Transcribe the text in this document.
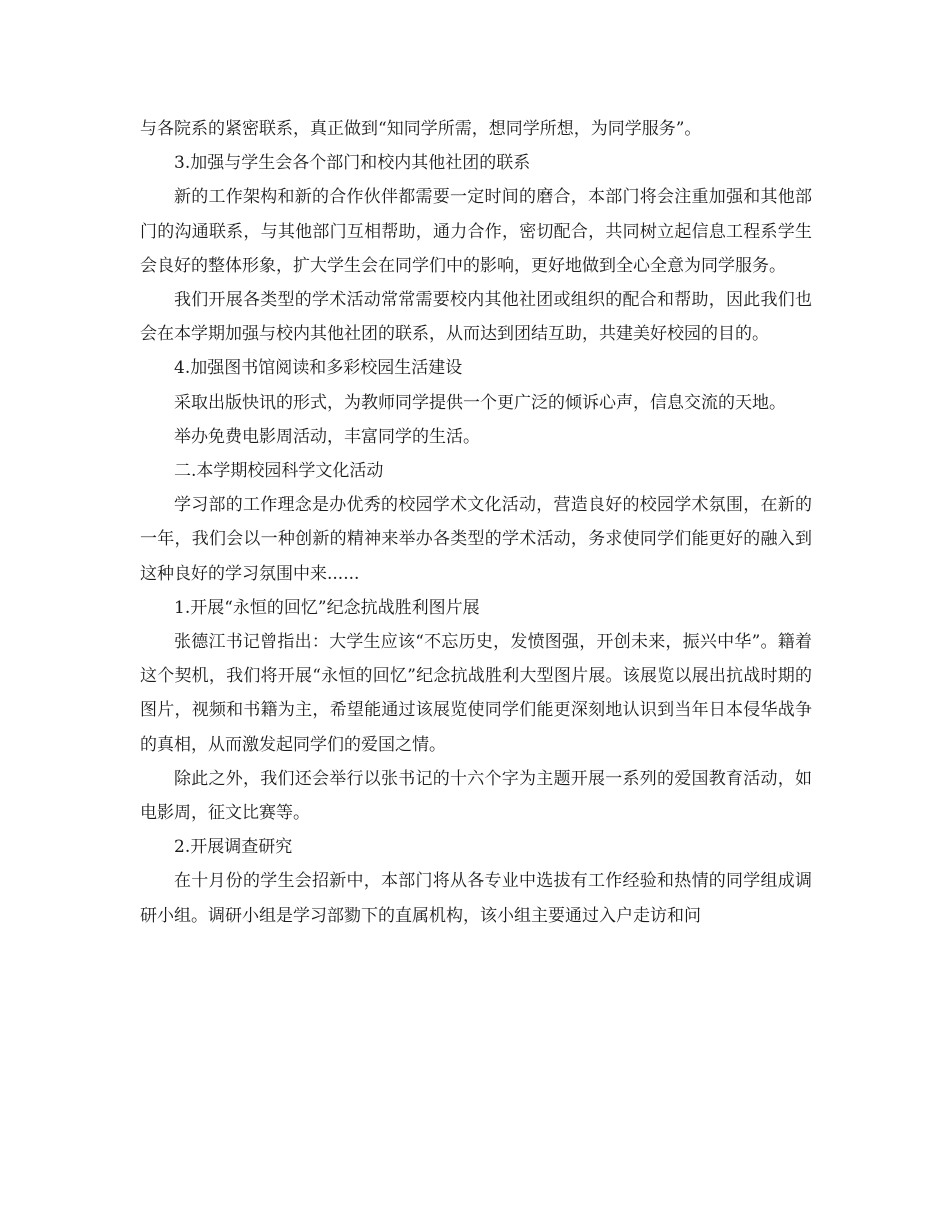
与各院系的紧密联系，真正做到“知同学所需，想同学所想，为同学服务”。

3.加强与学生会各个部门和校内其他社团的联系

新的工作架构和新的合作伙伴都需要一定时间的磨合，本部门将会注重加强和其他部门的沟通联系，与其他部门互相帮助，通力合作，密切配合，共同树立起信息工程系学生会良好的整体形象，扩大学生会在同学们中的影响，更好地做到全心全意为同学服务。

我们开展各类型的学术活动常常需要校内其他社团或组织的配合和帮助，因此我们也会在本学期加强与校内其他社团的联系，从而达到团结互助，共建美好校园的目的。

4.加强图书馆阅读和多彩校园生活建设

采取出版快讯的形式，为教师同学提供一个更广泛的倾诉心声，信息交流的天地。

举办免费电影周活动，丰富同学的生活。

二.本学期校园科学文化活动

学习部的工作理念是办优秀的校园学术文化活动，营造良好的校园学术氛围，在新的一年，我们会以一种创新的精神来举办各类型的学术活动，务求使同学们能更好的融入到这种良好的学习氛围中来......

1.开展“永恒的回忆”纪念抗战胜利图片展

张德江书记曾指出：大学生应该“不忘历史，发愤图强，开创未来，振兴中华”。籍着这个契机，我们将开展“永恒的回忆”纪念抗战胜利大型图片展。该展览以展出抗战时期的图片，视频和书籍为主，希望能通过该展览使同学们能更深刻地认识到当年日本侵华战争的真相，从而激发起同学们的爱国之情。

除此之外，我们还会举行以张书记的十六个字为主题开展一系列的爱国教育活动，如电影周，征文比赛等。

2.开展调查研究

在十月份的学生会招新中，本部门将从各专业中选拔有工作经验和热情的同学组成调研小组。调研小组是学习部勠下的直属机构，该小组主要通过入户走访和问
